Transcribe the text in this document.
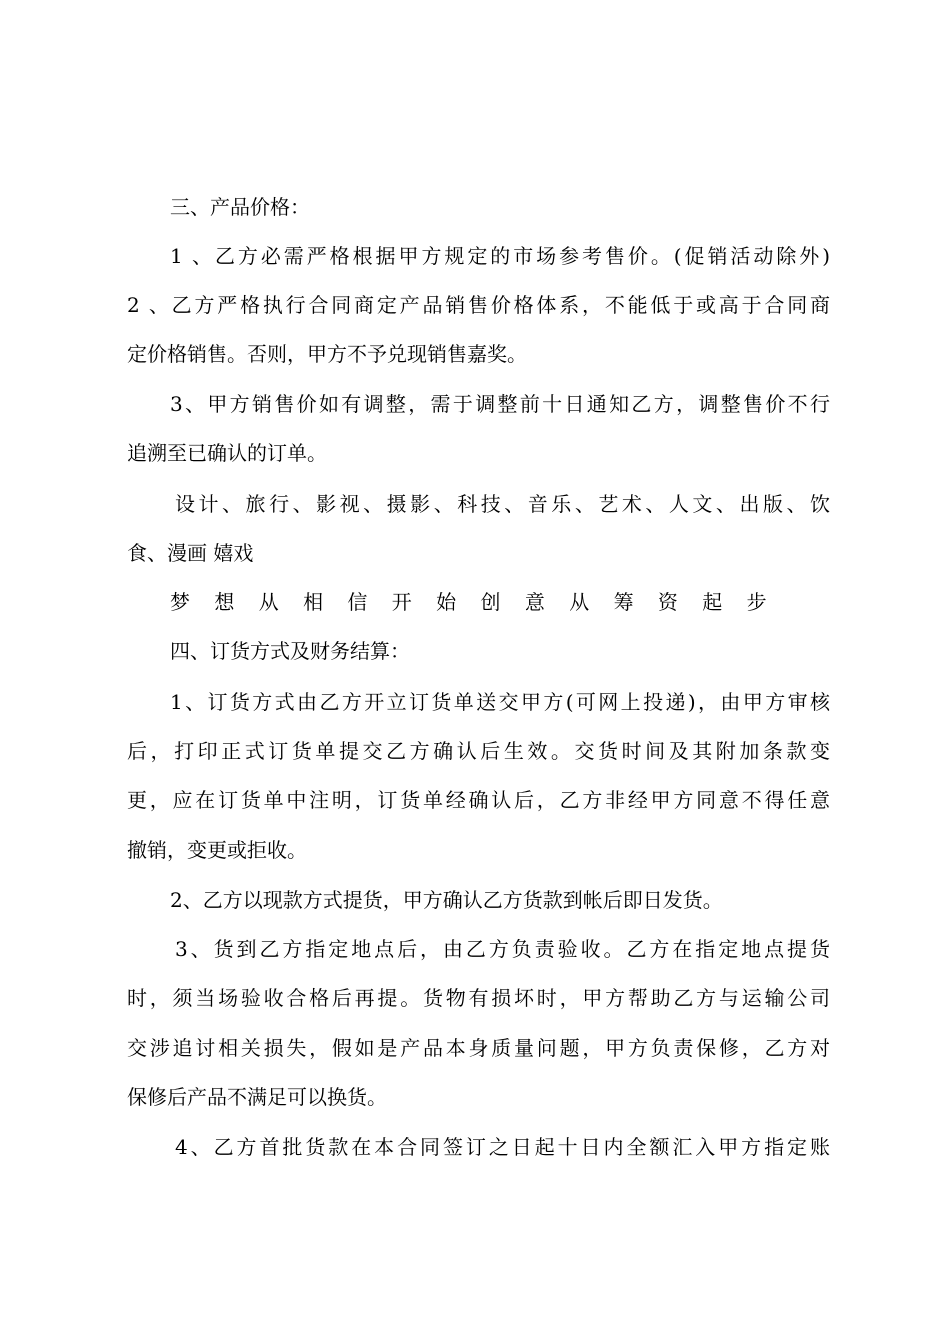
三、产品价格：
1 、乙方必需严格根据甲方规定的市场参考售价。(促销活动除外)
2 、乙方严格执行合同商定产品销售价格体系，不能低于或高于合同商
定价格销售。否则，甲方不予兑现销售嘉奖。
3、甲方销售价如有调整，需于调整前十日通知乙方，调整售价不行
追溯至已确认的订单。
设计、旅行、影视、摄影、科技、音乐、艺术、人文、出版、饮
食、漫画 嬉戏
梦 想 从 相 信 开 始 创 意 从 筹 资 起 步
四、订货方式及财务结算：
1、订货方式由乙方开立订货单送交甲方(可网上投递)，由甲方审核
后，打印正式订货单提交乙方确认后生效。交货时间及其附加条款变
更，应在订货单中注明，订货单经确认后，乙方非经甲方同意不得任意
撤销，变更或拒收。
2、乙方以现款方式提货，甲方确认乙方货款到帐后即日发货。
3、货到乙方指定地点后，由乙方负责验收。乙方在指定地点提货
时，须当场验收合格后再提。货物有损坏时，甲方帮助乙方与运输公司
交涉追讨相关损失，假如是产品本身质量问题，甲方负责保修，乙方对
保修后产品不满足可以换货。
4、乙方首批货款在本合同签订之日起十日内全额汇入甲方指定账
